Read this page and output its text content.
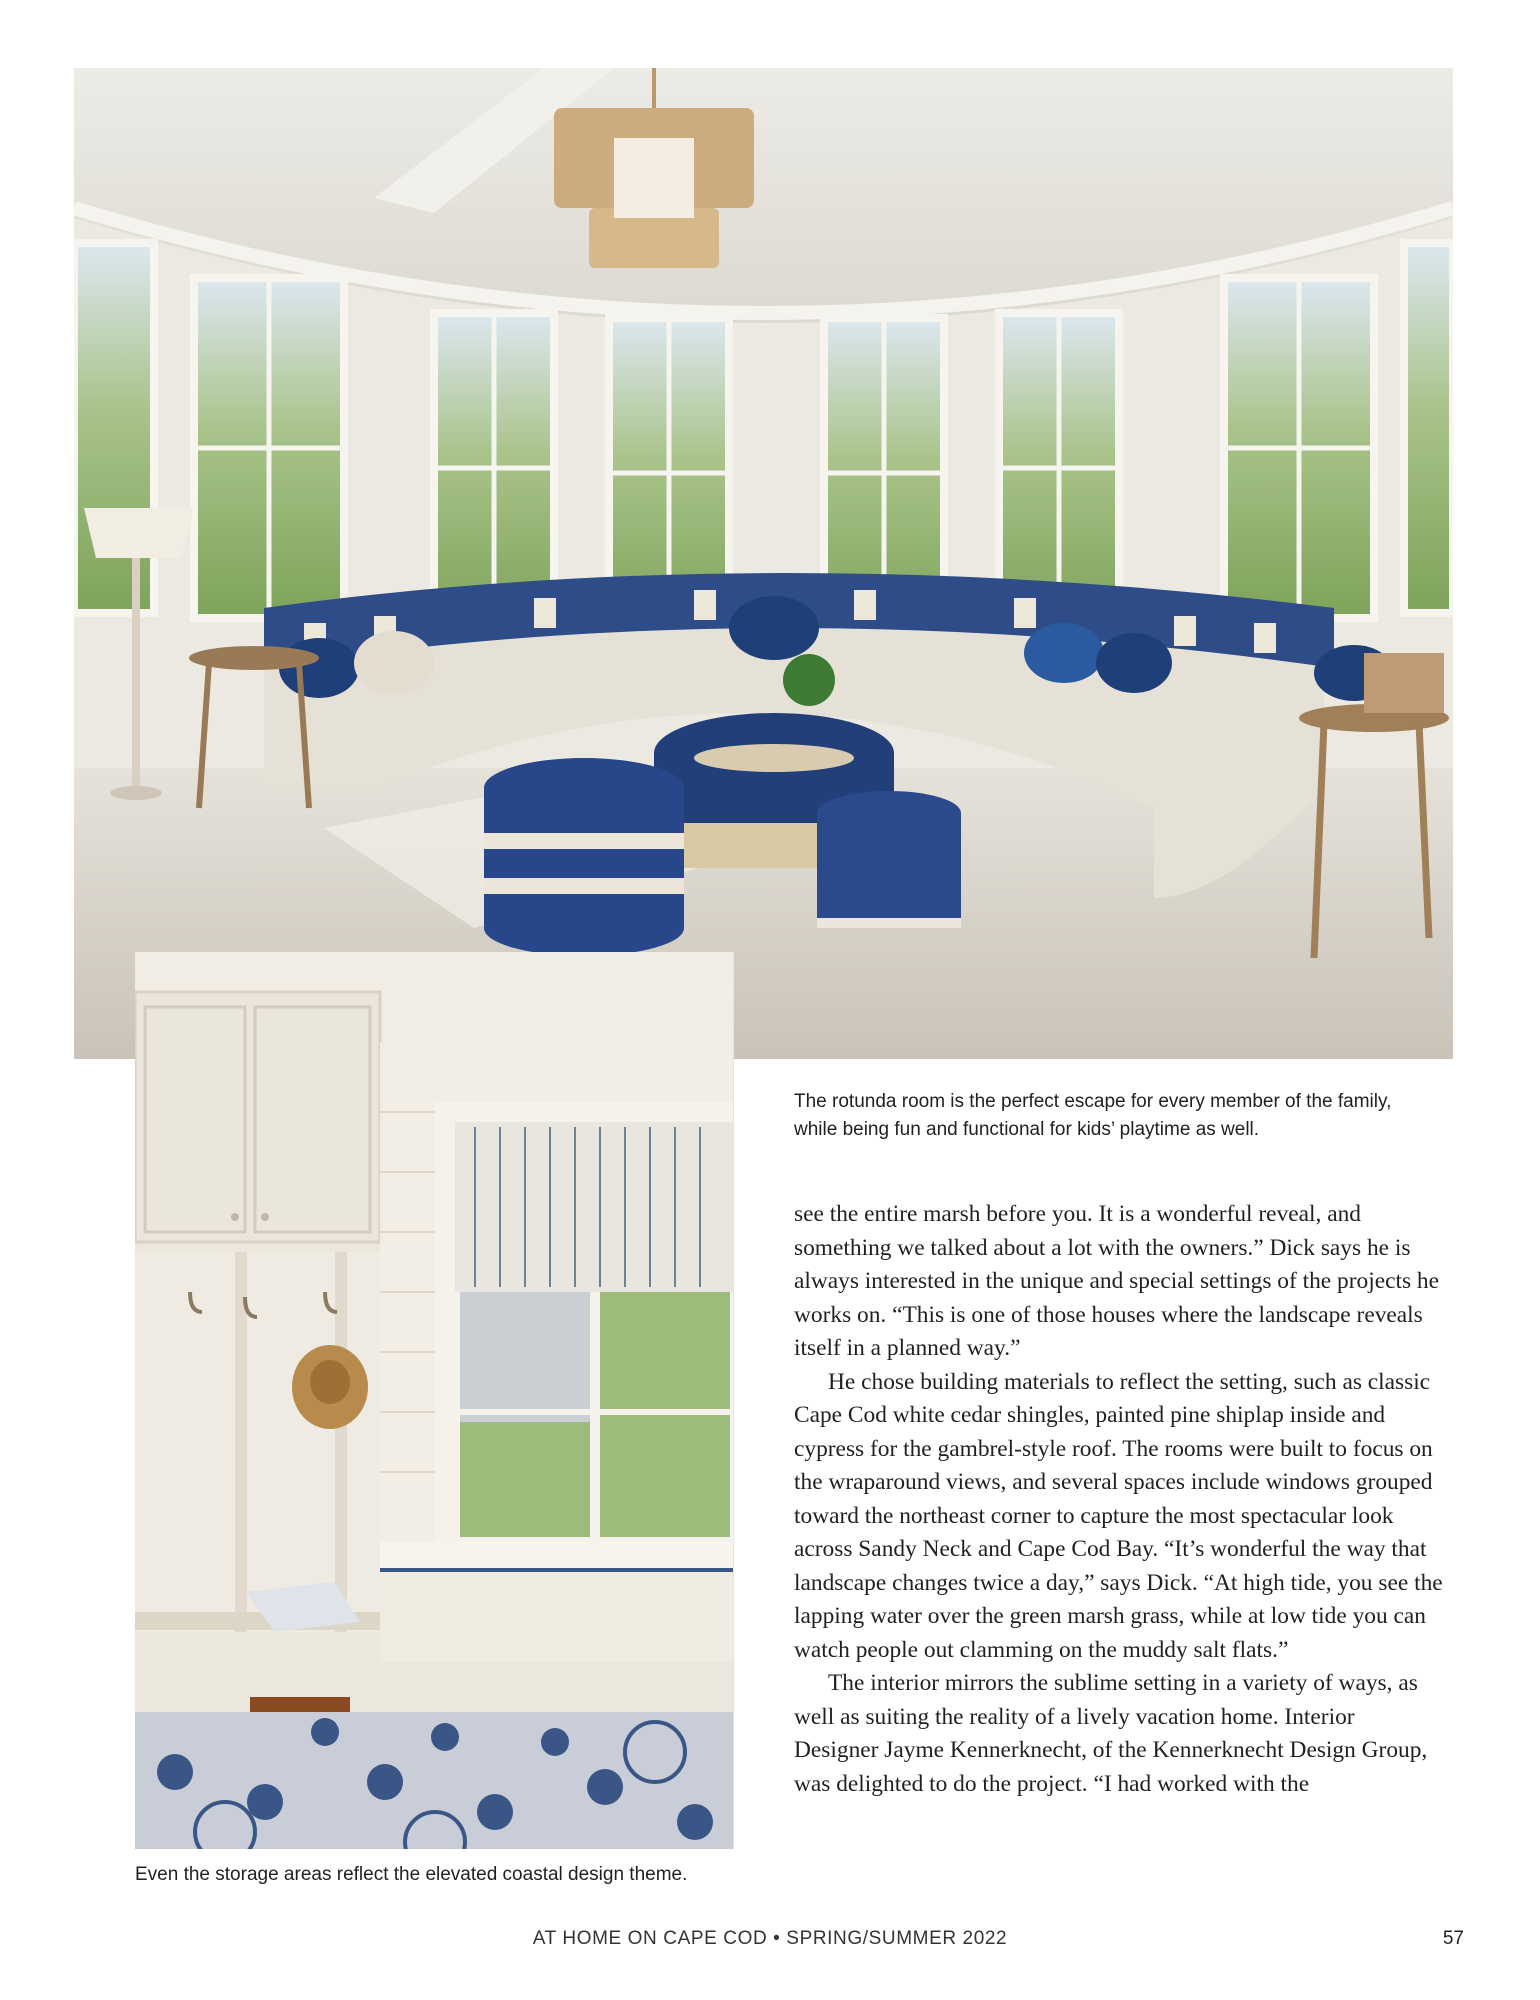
The rotunda room is the perfect escape for every member of the family, while being fun and functional for kids’ playtime as well.
Even the storage areas reflect the elevated coastal design theme.

see the entire marsh before you. It is a wonderful reveal, and something we talked about a lot with the owners.” Dick says he is always interested in the unique and special settings of the projects he works on. “This is one of those houses where the landscape reveals itself in a planned way.”

He chose building materials to reflect the setting, such as classic Cape Cod white cedar shingles, painted pine shiplap inside and cypress for the gambrel-style roof. The rooms were built to focus on the wraparound views, and several spaces include windows grouped toward the northeast corner to capture the most spectacular look across Sandy Neck and Cape Cod Bay. “It’s wonderful the way that landscape changes twice a day,” says Dick. “At high tide, you see the lapping water over the green marsh grass, while at low tide you can watch people out clamming on the muddy salt flats.”

The interior mirrors the sublime setting in a variety of ways, as well as suiting the reality of a lively vacation home. Interior Designer Jayme Kennerknecht, of the Kennerknecht Design Group, was delighted to do the project. “I had worked with the

AT HOME ON CAPE COD • SPRING/SUMMER 2022	57
